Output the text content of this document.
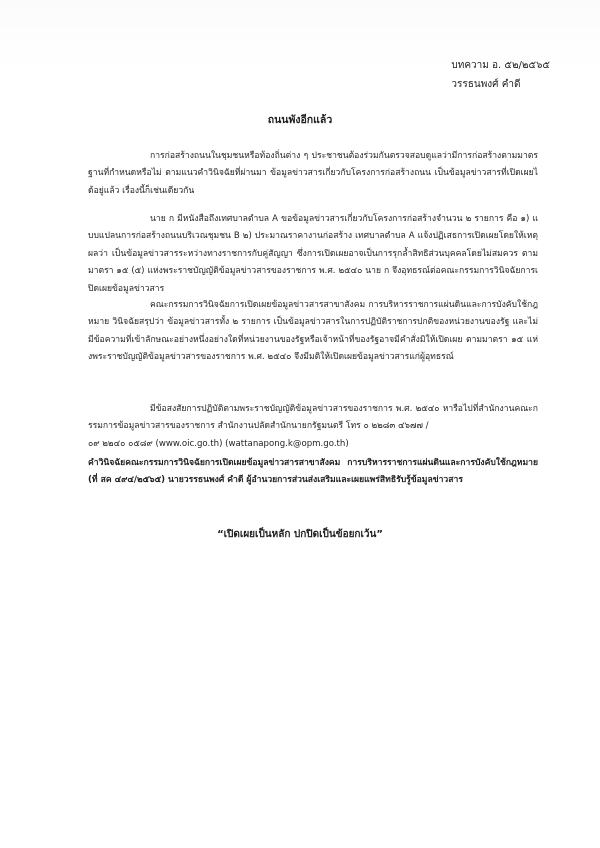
บทความ อ. ๕๒/๒๕๖๕
วรรธนพงศ์ คำดี
ถนนพังอีกแล้ว
การก่อสร้างถนนในชุมชนหรือท้องถิ่นต่าง ๆ ประชาชนต้องร่วมกันตรวจสอบดูแลว่ามีการก่อสร้างตามมาตรฐานที่กำหนดหรือไม่ ตามแนวคำวินิจฉัยที่ผ่านมา ข้อมูลข่าวสารเกี่ยวกับโครงการก่อสร้างถนน เป็นข้อมูลข่าวสารที่เปิดเผยได้อยู่แล้ว เรื่องนี้ก็เช่นเดียวกัน
นาย ก มีหนังสือถึงเทศบาลตำบล A ขอข้อมูลข่าวสารเกี่ยวกับโครงการก่อสร้างจำนวน ๒ รายการ คือ ๑) แบบแปลนการก่อสร้างถนนบริเวณชุมชน B ๒) ประมาณราคางานก่อสร้าง เทศบาลตำบล A แจ้งปฏิเสธการเปิดเผยโดยให้เหตุผลว่า เป็นข้อมูลข่าวสารระหว่างทางราชการกับคู่สัญญา ซึ่งการเปิดเผยอาจเป็นการรุกล้ำสิทธิส่วนบุคคลโดยไม่สมควร ตามมาตรา ๑๕ (๕) แห่งพระราชบัญญัติข้อมูลข่าวสารของราชการ พ.ศ. ๒๕๔๐ นาย ก จึงอุทธรณ์ต่อคณะกรรมการวินิจฉัยการเปิดเผยข้อมูลข่าวสาร
คณะกรรมการวินิจฉัยการเปิดเผยข้อมูลข่าวสารสาขาสังคม การบริหารราชการแผ่นดินและการบังคับใช้กฎหมาย วินิจฉัยสรุปว่า ข้อมูลข่าวสารทั้ง ๒ รายการ เป็นข้อมูลข่าวสารในการปฏิบัติราชการปกติของหน่วยงานของรัฐ และไม่มีข้อความที่เข้าลักษณะอย่างหนึ่งอย่างใดที่หน่วยงานของรัฐหรือเจ้าหน้าที่ของรัฐอาจมีคำสั่งมิให้เปิดเผย ตามมาตรา ๑๕ แห่งพระราชบัญญัติข้อมูลข่าวสารของราชการ พ.ศ. ๒๕๔๐ จึงมีมติให้เปิดเผยข้อมูลข่าวสารแก่ผู้อุทธรณ์
มีข้อสงสัยการปฏิบัติตามพระราชบัญญัติข้อมูลข่าวสารของราชการ พ.ศ. ๒๕๔๐ หารือไปที่สำนักงานคณะกรรมการข้อมูลข่าวสารของราชการ สำนักงานปลัดสำนักนายกรัฐมนตรี โทร ๐ ๒๒๘๓ ๔๖๗๗ /
๐๙ ๒๒๔๐ ๐๕๘๙ (www.oic.go.th) (wattanapong.k@opm.go.th)
คำวินิจฉัยคณะกรรมการวินิจฉัยการเปิดเผยข้อมูลข่าวสารสาขาสังคม การบริหารราชการแผ่นดินและการบังคับใช้กฎหมาย (ที่ สค ๔๙๔/๒๕๖๕) นายวรรธนพงศ์ คำดี ผู้อำนวยการส่วนส่งเสริมและเผยแพร่สิทธิรับรู้ข้อมูลข่าวสาร
“เปิดเผยเป็นหลัก ปกปิดเป็นข้อยกเว้น”
